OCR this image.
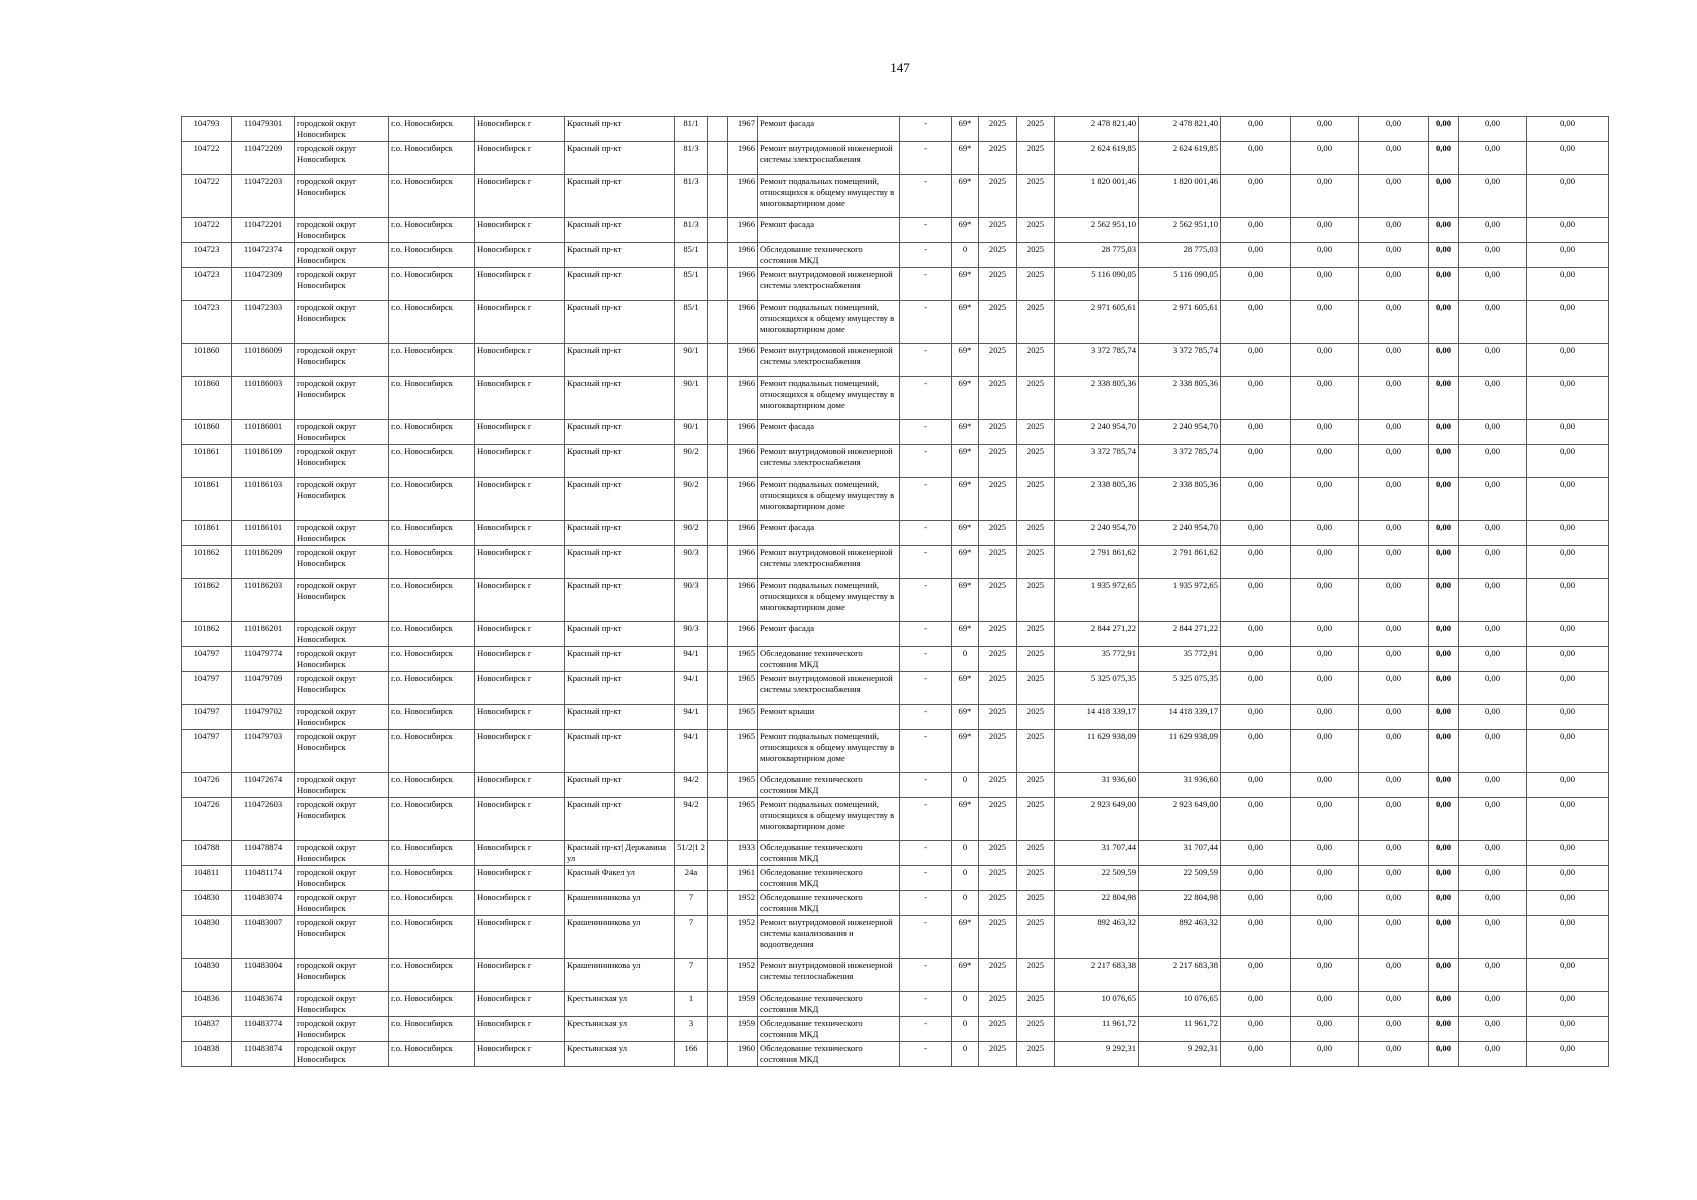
147
104793	110479301	городской округ Новосибирск	г.о. Новосибирск	Новосибирск г	Красный пр-кт	81/1		1967	Ремонт фасада	-	69*	2025	2025	2 478 821,40	2 478 821,40	0,00	0,00	0,00	0,00	0,00	0,00
104722	110472209	городской округ Новосибирск	г.о. Новосибирск	Новосибирск г	Красный пр-кт	81/3		1966	Ремонт внутридомовой инженерной системы электроснабжения	-	69*	2025	2025	2 624 619,85	2 624 619,85	0,00	0,00	0,00	0,00	0,00	0,00
104722	110472203	городской округ Новосибирск	г.о. Новосибирск	Новосибирск г	Красный пр-кт	81/3		1966	Ремонт подвальных помещений, относящихся к общему имуществу в многоквартирном доме	-	69*	2025	2025	1 820 001,46	1 820 001,46	0,00	0,00	0,00	0,00	0,00	0,00
104722	110472201	городской округ Новосибирск	г.о. Новосибирск	Новосибирск г	Красный пр-кт	81/3		1966	Ремонт фасада	-	69*	2025	2025	2 562 951,10	2 562 951,10	0,00	0,00	0,00	0,00	0,00	0,00
104723	110472374	городской округ Новосибирск	г.о. Новосибирск	Новосибирск г	Красный пр-кт	85/1		1966	Обследование технического состояния МКД	-	0	2025	2025	28 775,03	28 775,03	0,00	0,00	0,00	0,00	0,00	0,00
104723	110472309	городской округ Новосибирск	г.о. Новосибирск	Новосибирск г	Красный пр-кт	85/1		1966	Ремонт внутридомовой инженерной системы электроснабжения	-	69*	2025	2025	5 116 090,05	5 116 090,05	0,00	0,00	0,00	0,00	0,00	0,00
104723	110472303	городской округ Новосибирск	г.о. Новосибирск	Новосибирск г	Красный пр-кт	85/1		1966	Ремонт подвальных помещений, относящихся к общему имуществу в многоквартирном доме	-	69*	2025	2025	2 971 605,61	2 971 605,61	0,00	0,00	0,00	0,00	0,00	0,00
101860	110186009	городской округ Новосибирск	г.о. Новосибирск	Новосибирск г	Красный пр-кт	90/1		1966	Ремонт внутридомовой инженерной системы электроснабжения	-	69*	2025	2025	3 372 785,74	3 372 785,74	0,00	0,00	0,00	0,00	0,00	0,00
101860	110186003	городской округ Новосибирск	г.о. Новосибирск	Новосибирск г	Красный пр-кт	90/1		1966	Ремонт подвальных помещений, относящихся к общему имуществу в многоквартирном доме	-	69*	2025	2025	2 338 805,36	2 338 805,36	0,00	0,00	0,00	0,00	0,00	0,00
101860	110186001	городской округ Новосибирск	г.о. Новосибирск	Новосибирск г	Красный пр-кт	90/1		1966	Ремонт фасада	-	69*	2025	2025	2 240 954,70	2 240 954,70	0,00	0,00	0,00	0,00	0,00	0,00
101861	110186109	городской округ Новосибирск	г.о. Новосибирск	Новосибирск г	Красный пр-кт	90/2		1966	Ремонт внутридомовой инженерной системы электроснабжения	-	69*	2025	2025	3 372 785,74	3 372 785,74	0,00	0,00	0,00	0,00	0,00	0,00
101861	110186103	городской округ Новосибирск	г.о. Новосибирск	Новосибирск г	Красный пр-кт	90/2		1966	Ремонт подвальных помещений, относящихся к общему имуществу в многоквартирном доме	-	69*	2025	2025	2 338 805,36	2 338 805,36	0,00	0,00	0,00	0,00	0,00	0,00
101861	110186101	городской округ Новосибирск	г.о. Новосибирск	Новосибирск г	Красный пр-кт	90/2		1966	Ремонт фасада	-	69*	2025	2025	2 240 954,70	2 240 954,70	0,00	0,00	0,00	0,00	0,00	0,00
101862	110186209	городской округ Новосибирск	г.о. Новосибирск	Новосибирск г	Красный пр-кт	90/3		1966	Ремонт внутридомовой инженерной системы электроснабжения	-	69*	2025	2025	2 791 861,62	2 791 861,62	0,00	0,00	0,00	0,00	0,00	0,00
101862	110186203	городской округ Новосибирск	г.о. Новосибирск	Новосибирск г	Красный пр-кт	90/3		1966	Ремонт подвальных помещений, относящихся к общему имуществу в многоквартирном доме	-	69*	2025	2025	1 935 972,65	1 935 972,65	0,00	0,00	0,00	0,00	0,00	0,00
101862	110186201	городской округ Новосибирск	г.о. Новосибирск	Новосибирск г	Красный пр-кт	90/3		1966	Ремонт фасада	-	69*	2025	2025	2 844 271,22	2 844 271,22	0,00	0,00	0,00	0,00	0,00	0,00
104797	110479774	городской округ Новосибирск	г.о. Новосибирск	Новосибирск г	Красный пр-кт	94/1		1965	Обследование технического состояния МКД	-	0	2025	2025	35 772,91	35 772,91	0,00	0,00	0,00	0,00	0,00	0,00
104797	110479709	городской округ Новосибирск	г.о. Новосибирск	Новосибирск г	Красный пр-кт	94/1		1965	Ремонт внутридомовой инженерной системы электроснабжения	-	69*	2025	2025	5 325 075,35	5 325 075,35	0,00	0,00	0,00	0,00	0,00	0,00
104797	110479702	городской округ Новосибирск	г.о. Новосибирск	Новосибирск г	Красный пр-кт	94/1		1965	Ремонт крыши	-	69*	2025	2025	14 418 339,17	14 418 339,17	0,00	0,00	0,00	0,00	0,00	0,00
104797	110479703	городской округ Новосибирск	г.о. Новосибирск	Новосибирск г	Красный пр-кт	94/1		1965	Ремонт подвальных помещений, относящихся к общему имуществу в многоквартирном доме	-	69*	2025	2025	11 629 938,09	11 629 938,09	0,00	0,00	0,00	0,00	0,00	0,00
104726	110472674	городской округ Новосибирск	г.о. Новосибирск	Новосибирск г	Красный пр-кт	94/2		1965	Обследование технического состояния МКД	-	0	2025	2025	31 936,60	31 936,60	0,00	0,00	0,00	0,00	0,00	0,00
104726	110472603	городской округ Новосибирск	г.о. Новосибирск	Новосибирск г	Красный пр-кт	94/2		1965	Ремонт подвальных помещений, относящихся к общему имуществу в многоквартирном доме	-	69*	2025	2025	2 923 649,00	2 923 649,00	0,00	0,00	0,00	0,00	0,00	0,00
104788	110478874	городской округ Новосибирск	г.о. Новосибирск	Новосибирск г	Красный пр-кт| Державина ул	51/2|1 2		1933	Обследование технического состояния МКД	-	0	2025	2025	31 707,44	31 707,44	0,00	0,00	0,00	0,00	0,00	0,00
104811	110481174	городской округ Новосибирск	г.о. Новосибирск	Новосибирск г	Красный Факел ул	24а		1961	Обследование технического состояния МКД	-	0	2025	2025	22 509,59	22 509,59	0,00	0,00	0,00	0,00	0,00	0,00
104830	110483074	городской округ Новосибирск	г.о. Новосибирск	Новосибирск г	Крашенинникова ул	7		1952	Обследование технического состояния МКД	-	0	2025	2025	22 804,98	22 804,98	0,00	0,00	0,00	0,00	0,00	0,00
104830	110483007	городской округ Новосибирск	г.о. Новосибирск	Новосибирск г	Крашенинникова ул	7		1952	Ремонт внутридомовой инженерной системы канализования и водоотведения	-	69*	2025	2025	892 463,32	892 463,32	0,00	0,00	0,00	0,00	0,00	0,00
104830	110483004	городской округ Новосибирск	г.о. Новосибирск	Новосибирск г	Крашенинникова ул	7		1952	Ремонт внутридомовой инженерной системы теплоснабжения	-	69*	2025	2025	2 217 683,38	2 217 683,38	0,00	0,00	0,00	0,00	0,00	0,00
104836	110483674	городской округ Новосибирск	г.о. Новосибирск	Новосибирск г	Крестьянская ул	1		1959	Обследование технического состояния МКД	-	0	2025	2025	10 076,65	10 076,65	0,00	0,00	0,00	0,00	0,00	0,00
104837	110483774	городской округ Новосибирск	г.о. Новосибирск	Новосибирск г	Крестьянская ул	3		1959	Обследование технического состояния МКД	-	0	2025	2025	11 961,72	11 961,72	0,00	0,00	0,00	0,00	0,00	0,00
104838	110483874	городской округ Новосибирск	г.о. Новосибирск	Новосибирск г	Крестьянская ул	166		1960	Обследование технического состояния МКД	-	0	2025	2025	9 292,31	9 292,31	0,00	0,00	0,00	0,00	0,00	0,00
